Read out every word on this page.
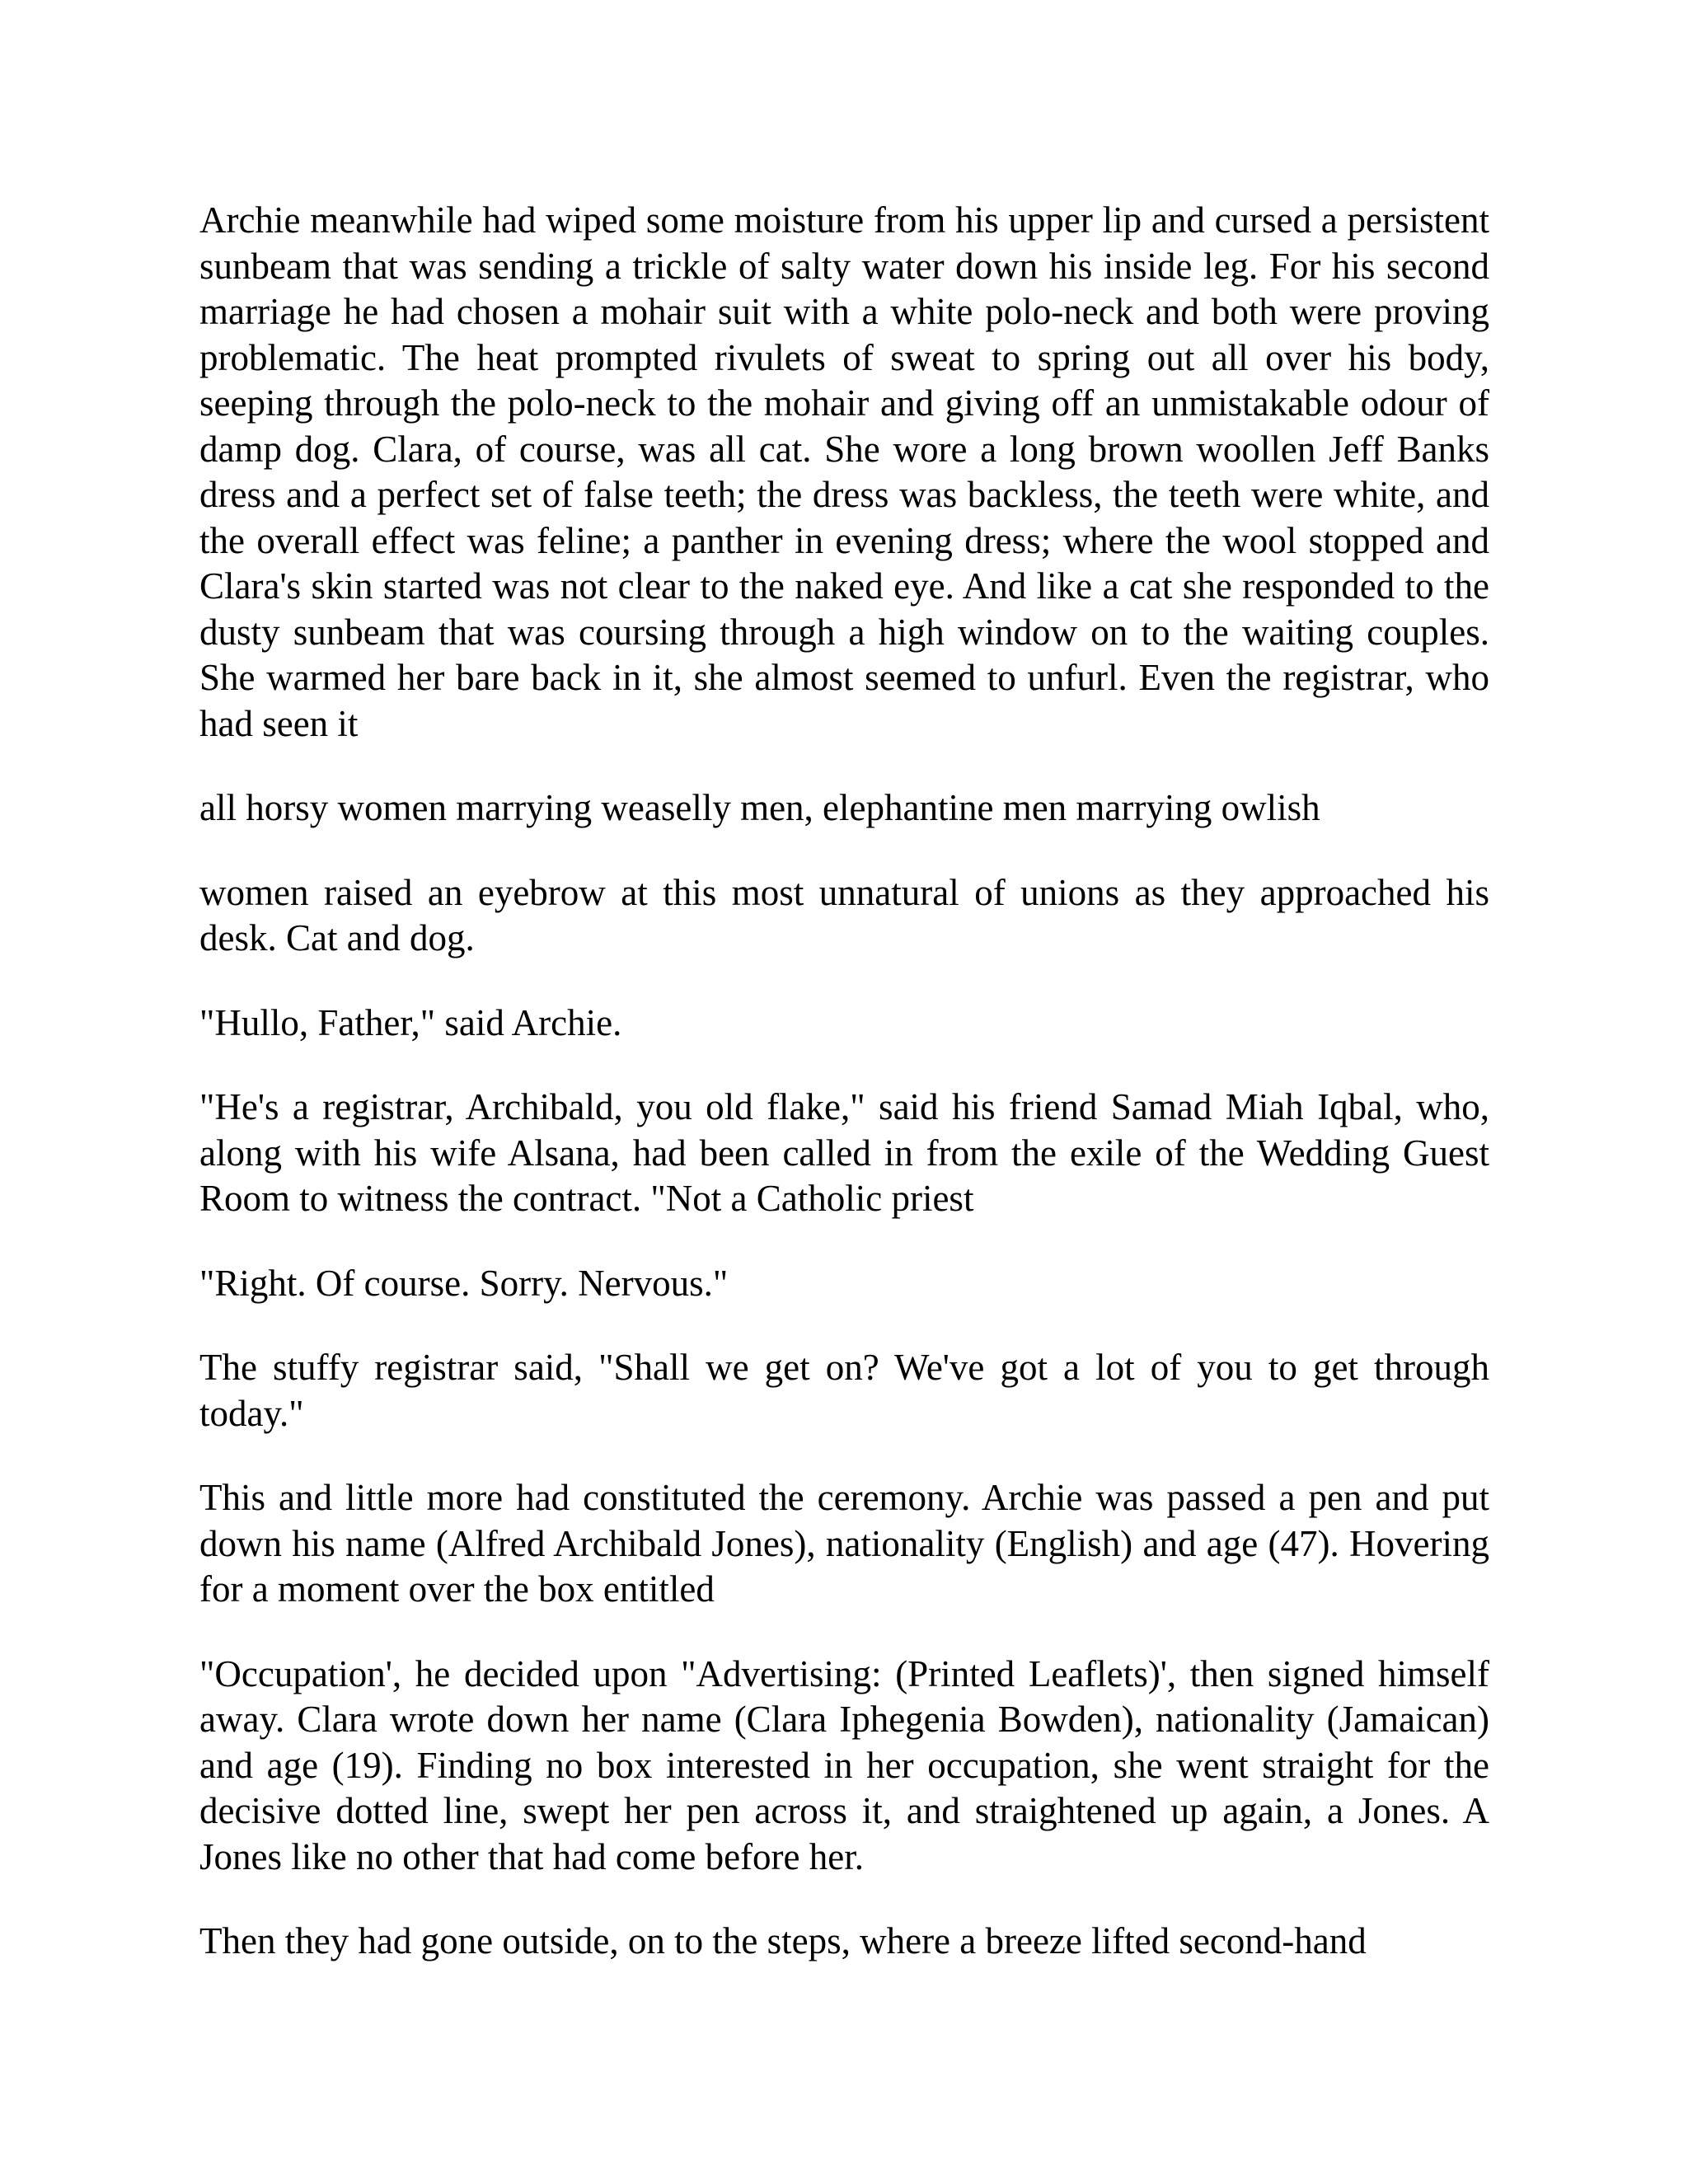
Archie meanwhile had wiped some moisture from his upper lip and cursed a persistent sunbeam that was sending a trickle of salty water down his inside leg. For his second marriage he had chosen a mohair suit with a white polo-neck and both were proving problematic. The heat prompted rivulets of sweat to spring out all over his body, seeping through the polo-neck to the mohair and giving off an unmistakable odour of damp dog. Clara, of course, was all cat. She wore a long brown woollen Jeff Banks dress and a perfect set of false teeth; the dress was backless, the teeth were white, and the overall effect was feline; a panther in evening dress; where the wool stopped and Clara's skin started was not clear to the naked eye. And like a cat she responded to the dusty sunbeam that was coursing through a high window on to the waiting couples. She warmed her bare back in it, she almost seemed to unfurl. Even the registrar, who had seen it

all horsy women marrying weaselly men, elephantine men marrying owlish

women raised an eyebrow at this most unnatural of unions as they approached his desk. Cat and dog.

"Hullo, Father," said Archie.

"He's a registrar, Archibald, you old flake," said his friend Samad Miah Iqbal, who, along with his wife Alsana, had been called in from the exile of the Wedding Guest Room to witness the contract. "Not a Catholic priest

"Right. Of course. Sorry. Nervous."

The stuffy registrar said, "Shall we get on? We've got a lot of you to get through today."

This and little more had constituted the ceremony. Archie was passed a pen and put down his name (Alfred Archibald Jones), nationality (English) and age (47). Hovering for a moment over the box entitled

"Occupation', he decided upon "Advertising: (Printed Leaflets)', then signed himself away. Clara wrote down her name (Clara Iphegenia Bowden), nationality (Jamaican) and age (19). Finding no box interested in her occupation, she went straight for the decisive dotted line, swept her pen across it, and straightened up again, a Jones. A Jones like no other that had come before her.

Then they had gone outside, on to the steps, where a breeze lifted second-hand
